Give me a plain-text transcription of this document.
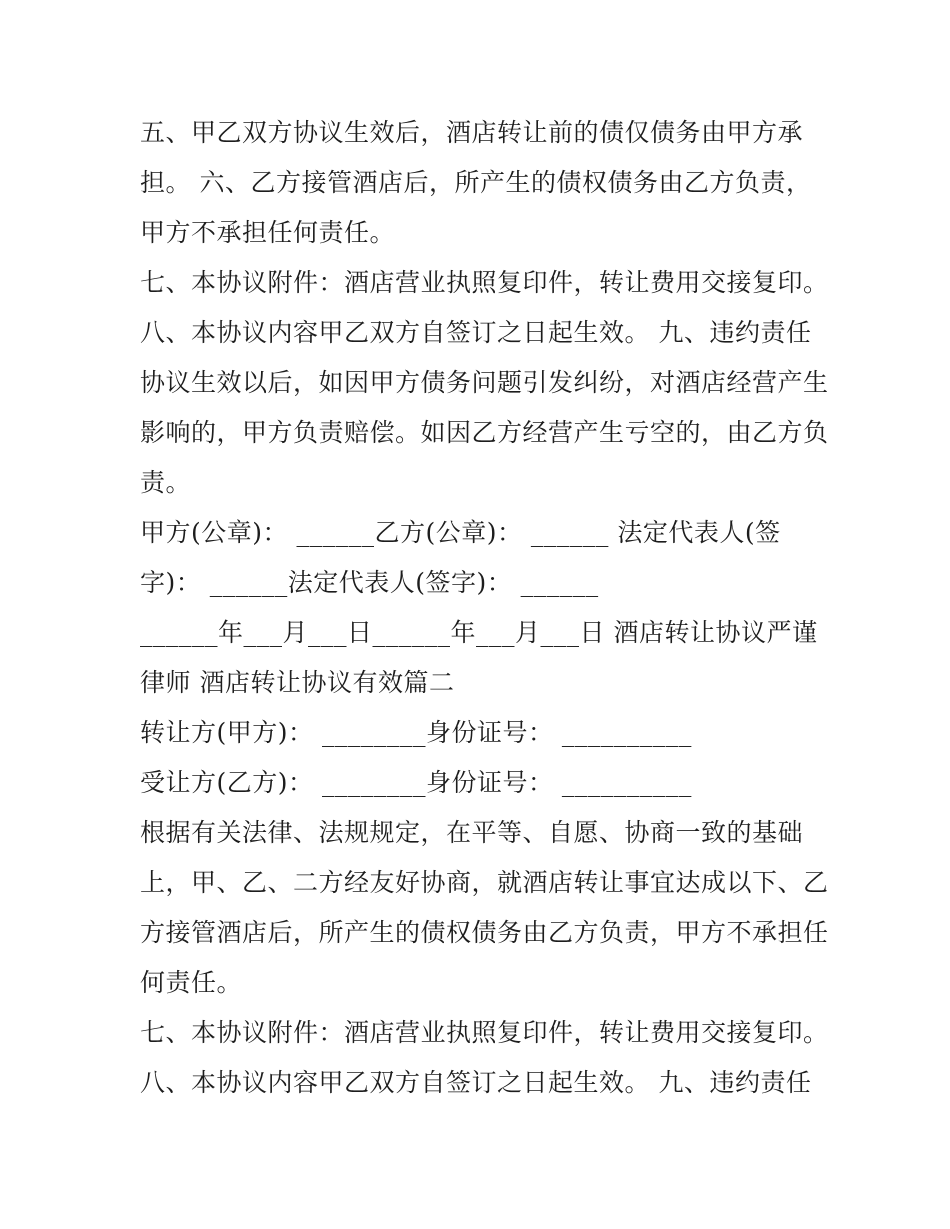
五、甲乙双方协议生效后，酒店转让前的债仅债务由甲方承
担。 六、乙方接管酒店后，所产生的债权债务由乙方负责，
甲方不承担任何责任。
七、本协议附件：酒店营业执照复印件，转让费用交接复印。
八、本协议内容甲乙双方自签订之日起生效。 九、违约责任
协议生效以后，如因甲方债务问题引发纠纷，对酒店经营产生
影响的，甲方负责赔偿。如因乙方经营产生亏空的，由乙方负
责。
甲方(公章)： ______乙方(公章)： ______ 法定代表人(签
字)： ______法定代表人(签字)： ______
______年___月___日______年___月___日 酒店转让协议严谨
律师 酒店转让协议有效篇二
转让方(甲方)： ________身份证号： __________
受让方(乙方)： ________身份证号： __________
根据有关法律、法规规定，在平等、自愿、协商一致的基础
上，甲、乙、二方经友好协商，就酒店转让事宜达成以下、乙
方接管酒店后，所产生的债权债务由乙方负责，甲方不承担任
何责任。
七、本协议附件：酒店营业执照复印件，转让费用交接复印。
八、本协议内容甲乙双方自签订之日起生效。 九、违约责任
